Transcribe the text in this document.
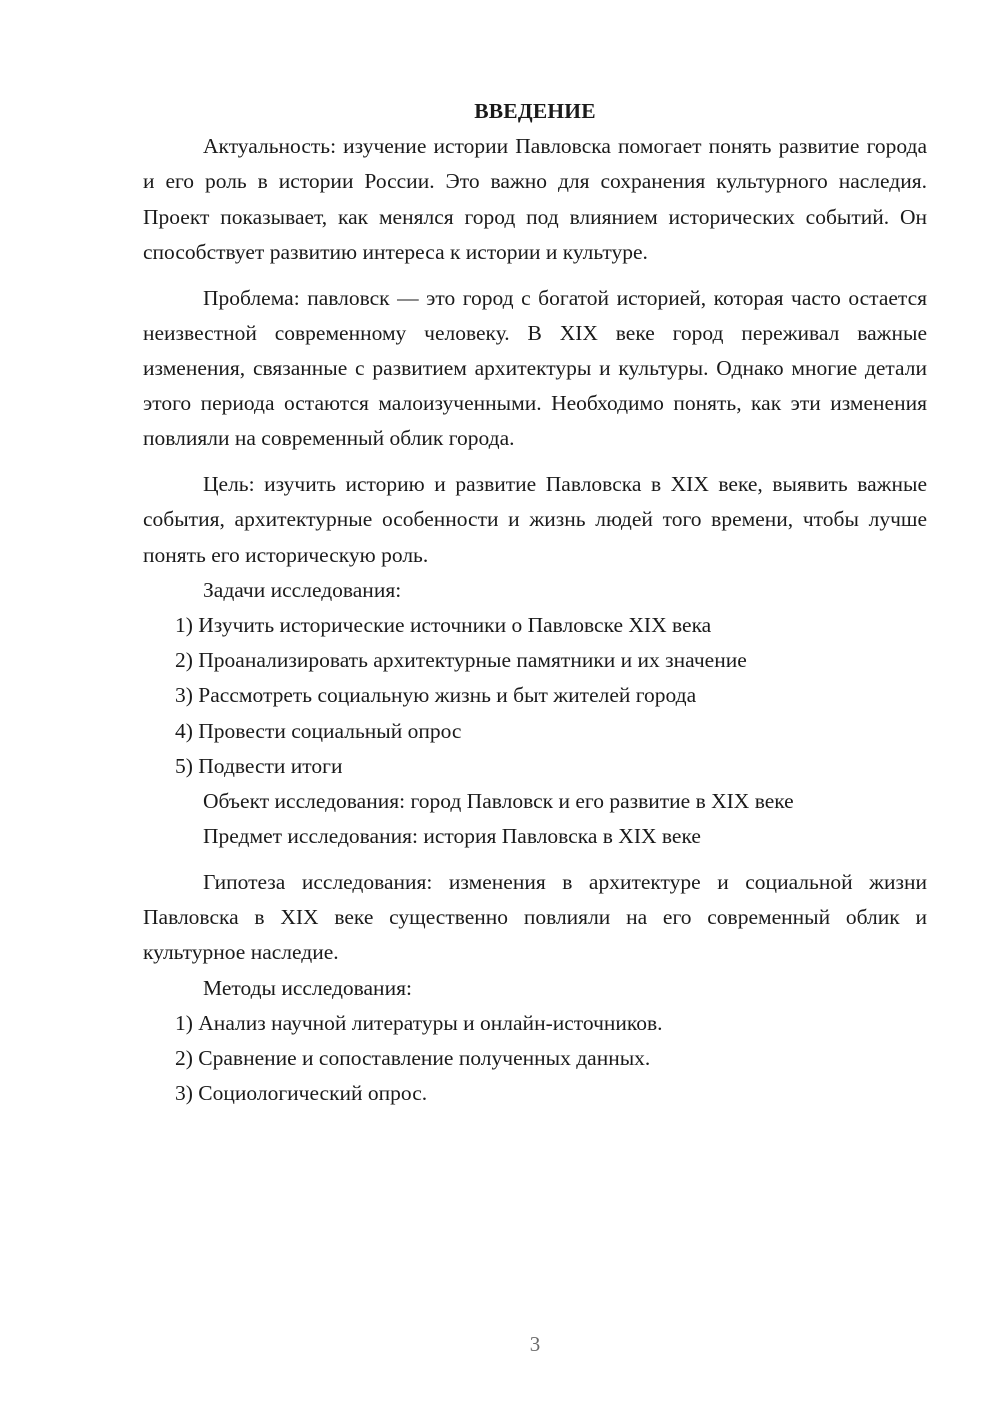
ВВЕДЕНИЕ

Актуальность: изучение истории Павловска помогает понять развитие города и его роль в истории России. Это важно для сохранения культурного наследия. Проект показывает, как менялся город под влиянием исторических событий. Он способствует развитию интереса к истории и культуре.

Проблема: павловск — это город с богатой историей, которая часто остается неизвестной современному человеку. В XIX веке город переживал важные изменения, связанные с развитием архитектуры и культуры. Однако многие детали этого периода остаются малоизученными. Необходимо понять, как эти изменения повлияли на современный облик города.

Цель: изучить историю и развитие Павловска в XIX веке, выявить важные события, архитектурные особенности и жизнь людей того времени, чтобы лучше понять его историческую роль.

Задачи исследования:

1) Изучить исторические источники о Павловске XIX века

2) Проанализировать архитектурные памятники и их значение

3) Рассмотреть социальную жизнь и быт жителей города

4) Провести социальный опрос

5) Подвести итоги

Объект исследования: город Павловск и его развитие в XIX веке

Предмет исследования: история Павловска в XIX веке

Гипотеза исследования: изменения в архитектуре и социальной жизни Павловска в XIX веке существенно повлияли на его современный облик и культурное наследие.

Методы исследования:

1) Анализ научной литературы и онлайн-источников.

2) Сравнение и сопоставление полученных данных.

3) Социологический опрос.

3
